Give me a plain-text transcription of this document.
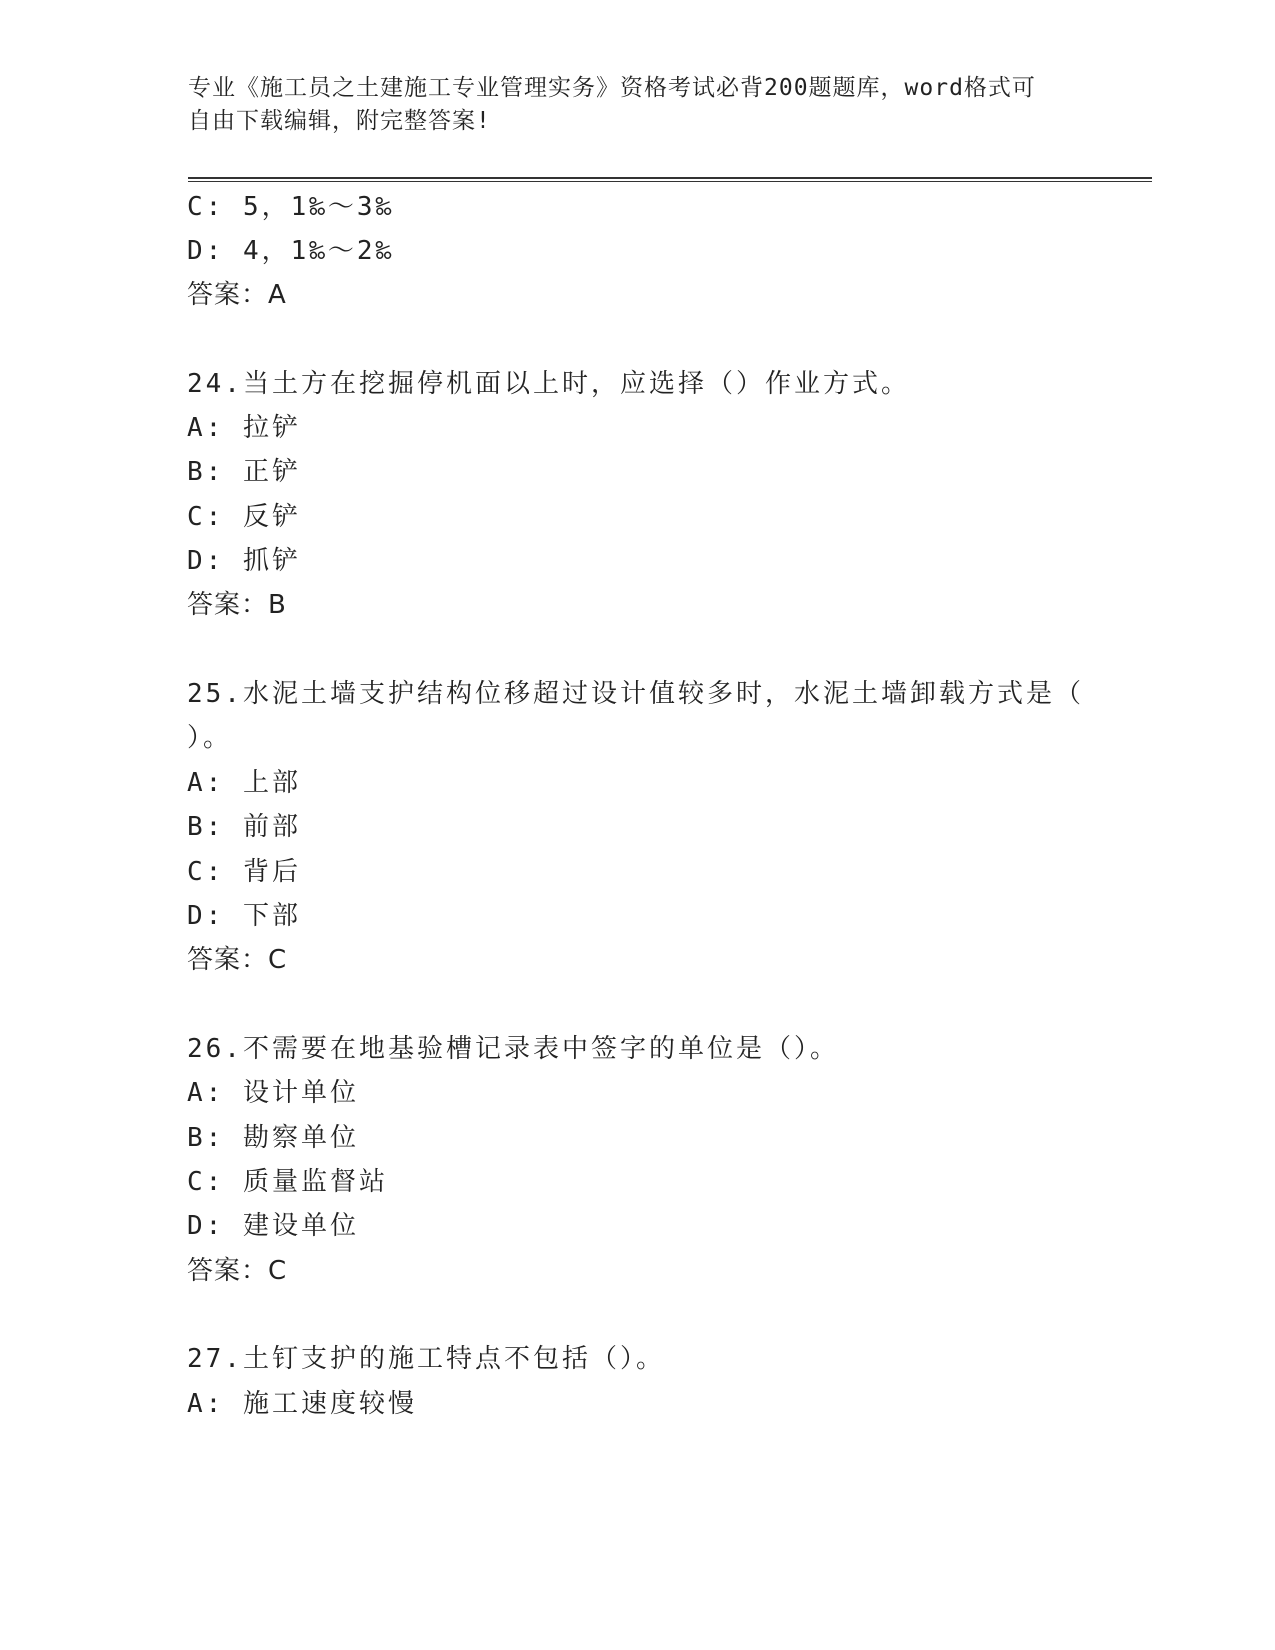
专业《施工员之土建施工专业管理实务》资格考试必背200题题库，word格式可
自由下载编辑，附完整答案!
C: 5，1‰～3‰
D: 4，1‰～2‰
答案：A
24.当土方在挖掘停机面以上时，应选择（）作业方式。
A: 拉铲
B: 正铲
C: 反铲
D: 抓铲
答案：B
25.水泥土墙支护结构位移超过设计值较多时，水泥土墙卸载方式是（
）。
A: 上部
B: 前部
C: 背后
D: 下部
答案：C
26.不需要在地基验槽记录表中签字的单位是（）。
A: 设计单位
B: 勘察单位
C: 质量监督站
D: 建设单位
答案：C
27.土钉支护的施工特点不包括（）。
A: 施工速度较慢
